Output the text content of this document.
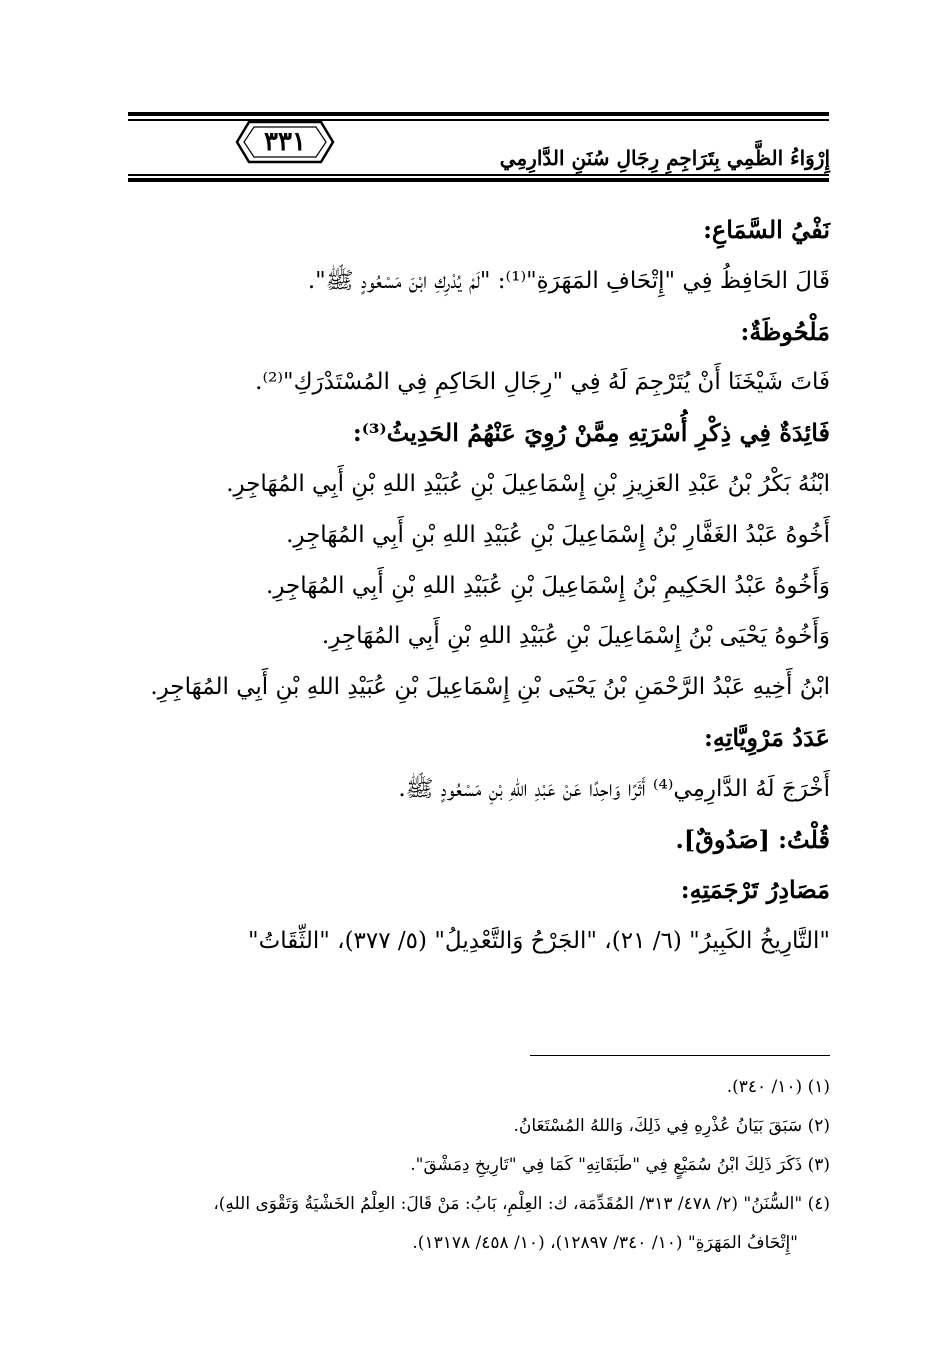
٣٣١
إِرْوَاءُ الظَّمِي بِتَرَاجِمِ رِجَالِ سُنَنِ الدَّارِمِي
نَفْيُ السَّمَاعِ:
قَالَ الحَافِظُ فِي "إِتْحَافِ المَهَرَةِ"⁽¹⁾: "لَمْ يُدْرِكِ ابْنَ مَسْعُودٍ ﷺ".
مَلْحُوظَةٌ:
فَاتَ شَيْخَنَا أَنْ يُتَرْجِمَ لَهُ فِي "رِجَالِ الحَاكِمِ فِي المُسْتَدْرَكِ"⁽²⁾.
فَائِدَةٌ فِي ذِكْرِ أُسْرَتِهِ مِمَّنْ رُوِيَ عَنْهُمُ الحَدِيثُ⁽³⁾:
ابْنُهُ بَكْرُ بْنُ عَبْدِ العَزِيزِ بْنِ إِسْمَاعِيلَ بْنِ عُبَيْدِ اللهِ بْنِ أَبِي المُهَاجِرِ.
أَخُوهُ عَبْدُ الغَفَّارِ بْنُ إِسْمَاعِيلَ بْنِ عُبَيْدِ اللهِ بْنِ أَبِي المُهَاجِرِ.
وَأَخُوهُ عَبْدُ الحَكِيمِ بْنُ إِسْمَاعِيلَ بْنِ عُبَيْدِ اللهِ بْنِ أَبِي المُهَاجِرِ.
وَأَخُوهُ يَحْيَى بْنُ إِسْمَاعِيلَ بْنِ عُبَيْدِ اللهِ بْنِ أَبِي المُهَاجِرِ.
ابْنُ أَخِيهِ عَبْدُ الرَّحْمَنِ بْنُ يَحْيَى بْنِ إِسْمَاعِيلَ بْنِ عُبَيْدِ اللهِ بْنِ أَبِي المُهَاجِرِ.
عَدَدُ مَرْوِيَّاتِهِ:
أَخْرَجَ لَهُ الدَّارِمِي⁽⁴⁾ أَثَرًا وَاحِدًا عَنْ عَبْدِ اللهِ بْنِ مَسْعُودٍ ﷺ.
قُلْتُ: [صَدُوقٌ].
مَصَادِرُ تَرْجَمَتِهِ:
"التَّارِيخُ الكَبِيرُ" (٦/ ٢١)، "الجَرْحُ وَالتَّعْدِيلُ" (٥/ ٣٧٧)، "الثِّقَاتُ"
(١) (١٠/ ٣٤٠).
(٢) سَبَقَ بَيَانُ عُذْرِهِ فِي ذَلِكَ، وَاللهُ المُسْتَعَانُ.
(٣) ذَكَرَ ذَلِكَ ابْنُ سُمَيْعٍ فِي "طَبَقَاتِهِ" كَمَا فِي "تَارِيخِ دِمَشْقَ".
(٤) "السُّنَنُ" (٢/ ٤٧٨/ ٣١٣/ المُقَدِّمَة، ك: العِلْمِ، بَابُ: مَنْ قَالَ: العِلْمُ الخَشْيَةُ وَتَقْوَى اللهِ)،
"إِتْحَافُ المَهَرَةِ" (١٠/ ٣٤٠/ ١٢٨٩٧)، (١٠/ ٤٥٨/ ١٣١٧٨).
